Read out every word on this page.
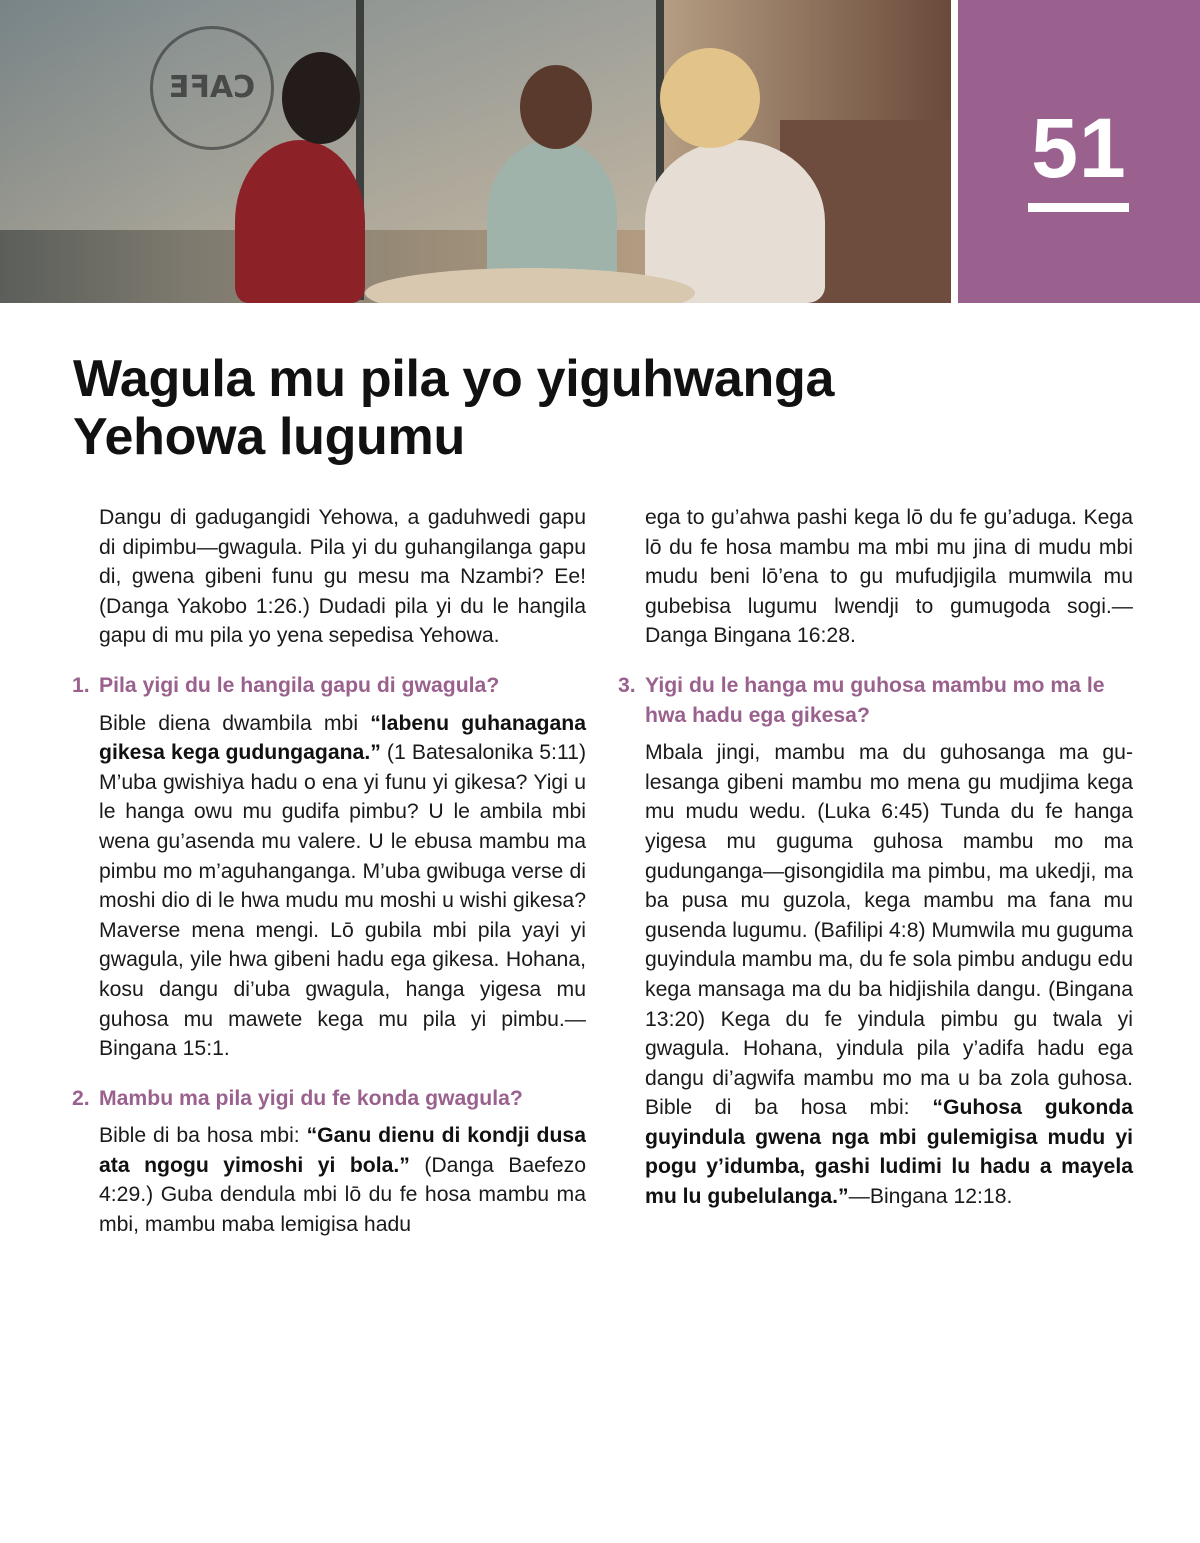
CAFE
51
Wagula mu pila yo yiguhwanga
Yehowa lugumu

Dangu di gadugangidi Yehowa, a gaduhwedi gapu di dipimbu—gwagula. Pila yi du guhangilanga gapu di, gwena gibeni funu gu mesu ma Nzambi? Ee! (Danga Yakobo 1:26.) Dudadi pila yi du le hangila gapu di mu pila yo yena sepedisa Yehowa.

1. Pila yigi du le hangila gapu di gwagula?

Bible diena dwambila mbi “labenu guhanagana gikesa kega gudungagana.” (1 Batesalonika 5:11) M’uba gwishiya hadu o ena yi funu yi gikesa? Yigi u le hanga owu mu gudifa pimbu? U le ambila mbi wena gu’asenda mu valere. U le ebusa mambu ma pimbu mo m’aguhanganga. M’uba gwibuga verse di moshi dio di le hwa mudu mu moshi u wishi gikesa? Maverse mena mengi. Lō gubila mbi pila yayi yi gwagula, yile hwa gibeni hadu ega gikesa. Hohana, kosu dangu di’uba gwagula, hanga yigesa mu guhosa mu mawete kega mu pila yi pimbu.—Bingana 15:1.

2. Mambu ma pila yigi du fe konda gwagula?

Bible di ba hosa mbi: “Ganu dienu di kondji dusa ata ngogu yimoshi yi bola.” (Danga Baefezo 4:29.) Guba dendula mbi lō du fe hosa mambu ma mbi, mambu maba lemigisa hadu

ega to gu’ahwa pashi kega lō du fe gu’aduga. Kega lō du fe hosa mambu ma mbi mu jina di mudu mbi mudu beni lō’ena to gu mufudjigila mumwila mu gubebisa lugumu lwendji to gumugoda sogi.—Danga Bingana 16:28.

3. Yigi du le hanga mu guhosa mambu mo ma le hwa hadu ega gikesa?

Mbala jingi, mambu ma du guhosanga ma gulesanga gibeni mambu mo mena gu mudjima kega mu mudu wedu. (Luka 6:45) Tunda du fe hanga yigesa mu guguma guhosa mambu mo ma gudunganga—gisongidila ma pimbu, ma ukedji, ma ba pusa mu guzola, kega mambu ma fana mu gusenda lugumu. (Bafilipi 4:8) Mumwila mu guguma guyindula mambu ma, du fe sola pimbu andugu edu kega mansaga ma du ba hidjishila dangu. (Bingana 13:20) Kega du fe yindula pimbu gu twala yi gwagula. Hohana, yindula pila y’adifa hadu ega dangu di’agwifa mambu mo ma u ba zola guhosa. Bible di ba hosa mbi: “Guhosa gukonda guyindula gwena nga mbi gulemigisa mudu yi pogu y’idumba, gashi ludimi lu hadu a mayela mu lu gubelulanga.”—Bingana 12:18.
